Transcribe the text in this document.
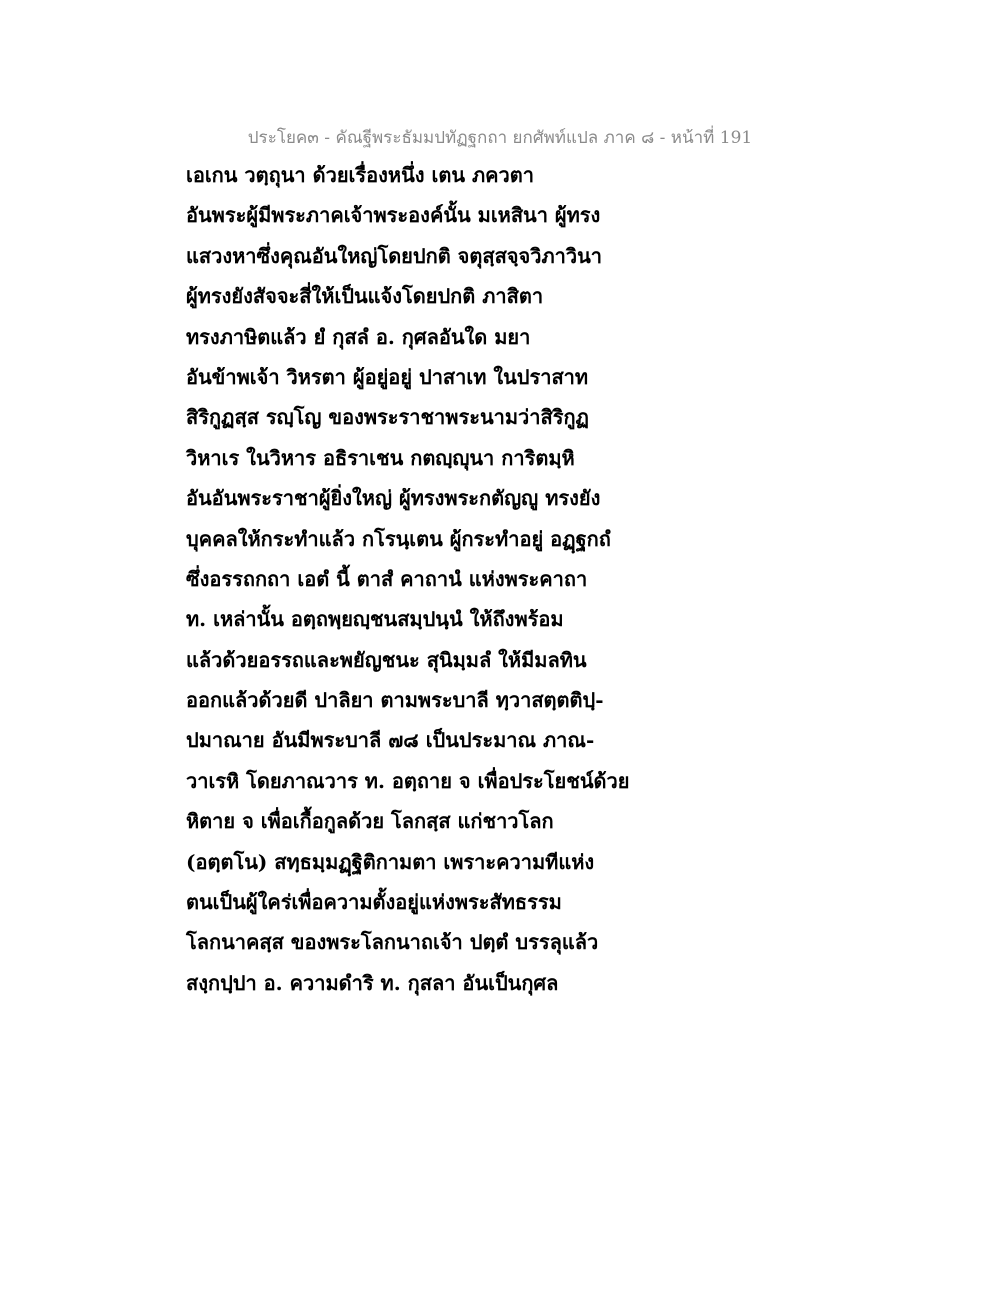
ประโยค๓ - คัณฐีพระธัมมปทัฏฐกถา ยกศัพท์แปล ภาค ๘ - หน้าที่ 191
เอเกน วตฺถุนา ด้วยเรื่องหนึ่ง เตน ภควตา
อันพระผู้มีพระภาคเจ้าพระองค์นั้น มเหสินา ผู้ทรง
แสวงหาซึ่งคุณอันใหญ่โดยปกติ จตุสฺสจฺจวิภาวินา
ผู้ทรงยังสัจจะสี่ให้เป็นแจ้งโดยปกติ ภาสิตา
ทรงภาษิตแล้ว ยํ กุสลํ อ. กุศลอันใด มยา
อันข้าพเจ้า วิหรตา ผู้อยู่อยู่ ปาสาเท ในปราสาท
สิริกูฏสฺส รญฺโญ ของพระราชาพระนามว่าสิริกูฏ
วิหาเร ในวิหาร อธิราเชน กตญฺญุนา การิตมฺหิ
อันอันพระราชาผู้ยิ่งใหญ่ ผู้ทรงพระกตัญญู ทรงยัง
บุคคลให้กระทำแล้ว กโรนฺเตน ผู้กระทำอยู่ อฏฺฐกถํ
ซึ่งอรรถกถา เอตํ นี้ ตาสํ คาถานํ แห่งพระคาถา
ท. เหล่านั้น อตฺถพฺยญฺชนสมฺปนฺนํ ให้ถึงพร้อม
แล้วด้วยอรรถและพยัญชนะ สุนิมฺมลํ ให้มีมลทิน
ออกแล้วด้วยดี ปาลิยา ตามพระบาลี ทฺวาสตฺตติปฺ-
ปมาณาย อันมีพระบาลี ๗๘ เป็นประมาณ ภาณ-
วาเรหิ โดยภาณวาร ท. อตฺถาย จ เพื่อประโยชน์ด้วย
หิตาย จ เพื่อเกื้อกูลด้วย โลกสฺส แก่ชาวโลก
(อตฺตโน) สทฺธมฺมฏฺฐิติกามตา เพราะความทีแห่ง
ตนเป็นผู้ใคร่เพื่อความตั้งอยู่แห่งพระสัทธรรม
โลกนาคสฺส ของพระโลกนาถเจ้า ปตฺตํ บรรลุแล้ว
สงฺกปฺปา อ. ความดำริ ท. กุสลา อันเป็นกุศล
